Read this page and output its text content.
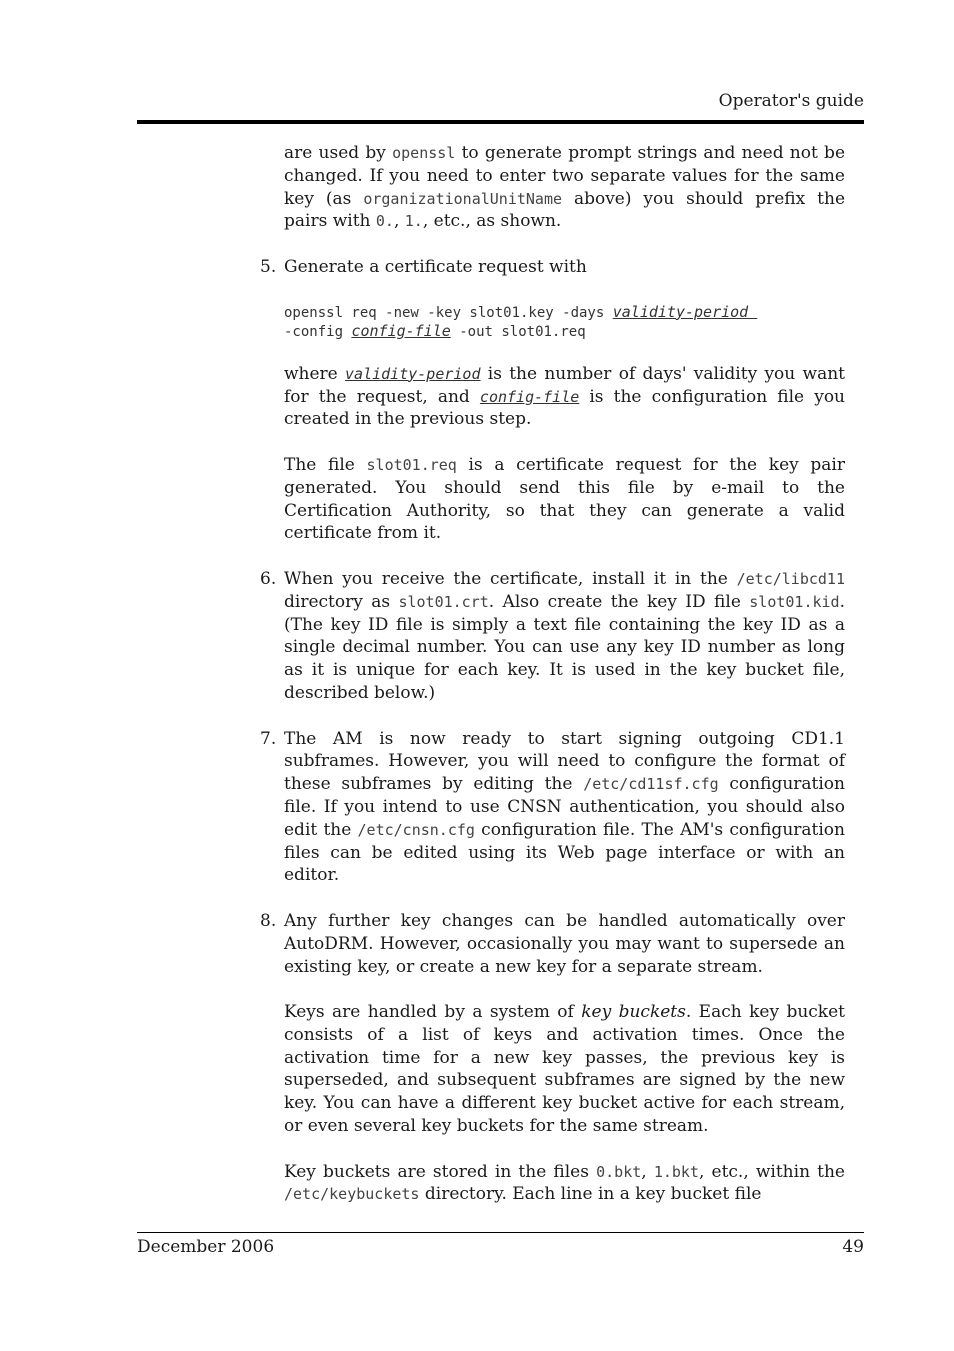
Operator's guide

are used by openssl to generate prompt strings and need not be changed. If you need to enter two separate values for the same key (as organizationalUnitName above) you should prefix the pairs with 0., 1., etc., as shown.

5. Generate a certificate request with

openssl req -new -key slot01.key -days validity-period
-config config-file -out slot01.req

where validity-period is the number of days' validity you want for the request, and config-file is the configuration file you created in the previous step.

The file slot01.req is a certificate request for the key pair generated. You should send this file by e-mail to the Certification Authority, so that they can generate a valid certificate from it.

6. When you receive the certificate, install it in the /etc/libcd11 directory as slot01.crt. Also create the key ID file slot01.kid. (The key ID file is simply a text file containing the key ID as a single decimal number. You can use any key ID number as long as it is unique for each key. It is used in the key bucket file, described below.)

7. The AM is now ready to start signing outgoing CD1.1 subframes. However, you will need to configure the format of these subframes by editing the /etc/cd11sf.cfg configuration file. If you intend to use CNSN authentication, you should also edit the /etc/cnsn.cfg configuration file. The AM's configuration files can be edited using its Web page interface or with an editor.

8. Any further key changes can be handled automatically over AutoDRM. However, occasionally you may want to supersede an existing key, or create a new key for a separate stream.

Keys are handled by a system of key buckets. Each key bucket consists of a list of keys and activation times. Once the activation time for a new key passes, the previous key is superseded, and subsequent subframes are signed by the new key. You can have a different key bucket active for each stream, or even several key buckets for the same stream.

Key buckets are stored in the files 0.bkt, 1.bkt, etc., within the /etc/keybuckets directory. Each line in a key bucket file

December 2006	49
